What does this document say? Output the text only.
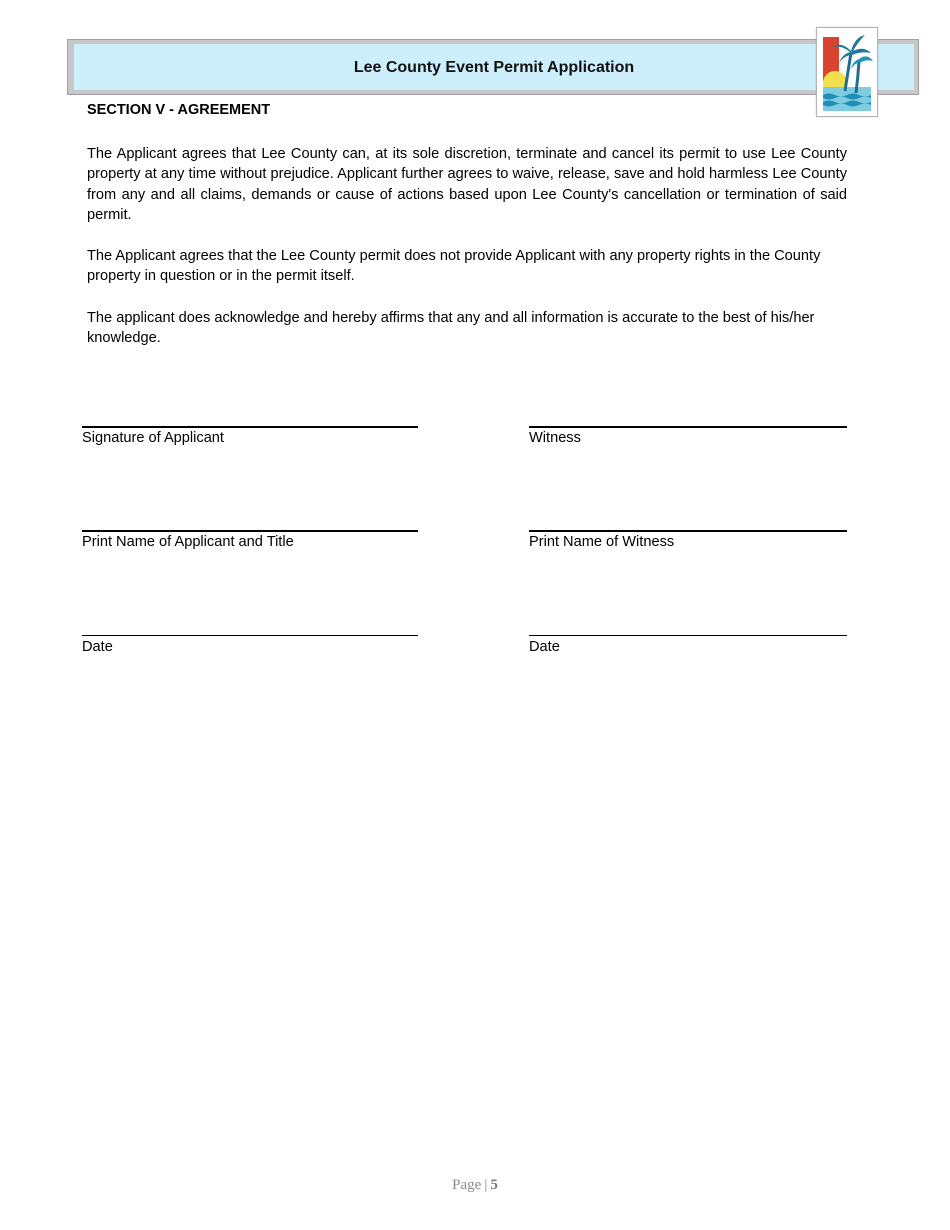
Lee County Event Permit Application
SECTION V - AGREEMENT
The Applicant agrees that Lee County can, at its sole discretion, terminate and cancel its permit to use Lee County property at any time without prejudice. Applicant further agrees to waive, release, save and hold harmless Lee County from any and all claims, demands or cause of actions based upon Lee County's cancellation or termination of said permit.
The Applicant agrees that the Lee County permit does not provide Applicant with any property rights in the County property in question or in the permit itself.
The applicant does acknowledge and hereby affirms that any and all information is accurate to the best of his/her knowledge.
Signature of Applicant	Witness
Print Name of Applicant and Title	Print Name of Witness
Date	Date
Page | 5
